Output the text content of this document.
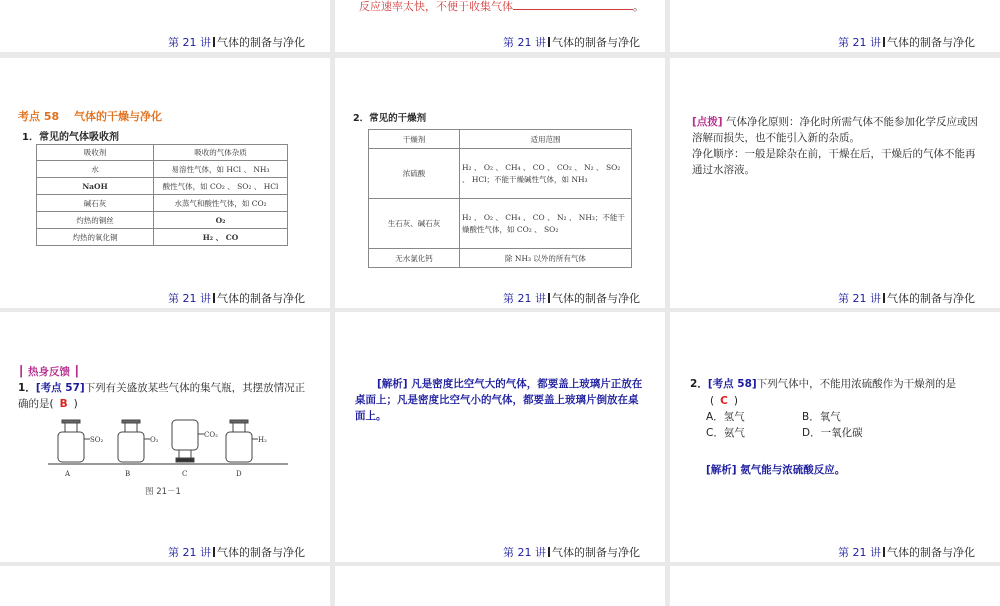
第 21 讲 气体的制备与净化
反应速率太快，不便于收集气体	。
第 21 讲 气体的制备与净化	第 21 讲 气体的制备与净化
考点 58　 气体的干燥与净化
1．常见的气体吸收剂
吸收剂	吸收的气体杂质
水	易溶性气体，如 HCl 、 NH₃
NaOH	酸性气体，如 CO₂ 、 SO₂ 、 HCl
碱石灰	水蒸气和酸性气体，如 CO₂
灼热的铜丝	O₂
灼热的氧化铜	H₂ 、 CO
第 21 讲 气体的制备与净化
2．常见的干燥剂
干燥剂	适用范围
浓硫酸	H₂ 、 O₂ 、 CH₄ 、 CO 、 CO₂ 、 N₂ 、 SO₂ 、 HCl；不能干燥碱性气体，如 NH₃
生石灰、碱石灰	H₂ 、 O₂ 、 CH₄ 、 CO 、 N₂ 、 NH₃；不能干燥酸性气体，如 CO₂ 、 SO₂
无水氯化钙	除 NH₃ 以外的所有气体
第 21 讲 气体的制备与净化
[点拨] 气体净化原则：净化时所需气体不能参加化学反应或因溶解而损失，也不能引入新的杂质。
净化顺序：一般是除杂在前，干燥在后，干燥后的气体不能再通过水溶液。
第 21 讲 气体的制备与净化
┃ 热身反馈 ┃
1．[考点 57]下列有关盛放某些气体的集气瓶，其摆放情况正确的是( B )
SO₂	O₂
CO₂
H₂
A	B	C	D
图 21－1
第 21 讲 气体的制备与净化
[解析] 凡是密度比空气大的气体，都要盖上玻璃片正放在桌面上；凡是密度比空气小的气体，都要盖上玻璃片倒放在桌面上。
第 21 讲 气体的制备与净化
2．[考点 58]下列气体中，不能用浓硫酸作为干燥剂的是
( C )
A．氢气	B．氧气
C．氨气	D．一氧化碳
[解析] 氨气能与浓硫酸反应。
第 21 讲 气体的制备与净化
